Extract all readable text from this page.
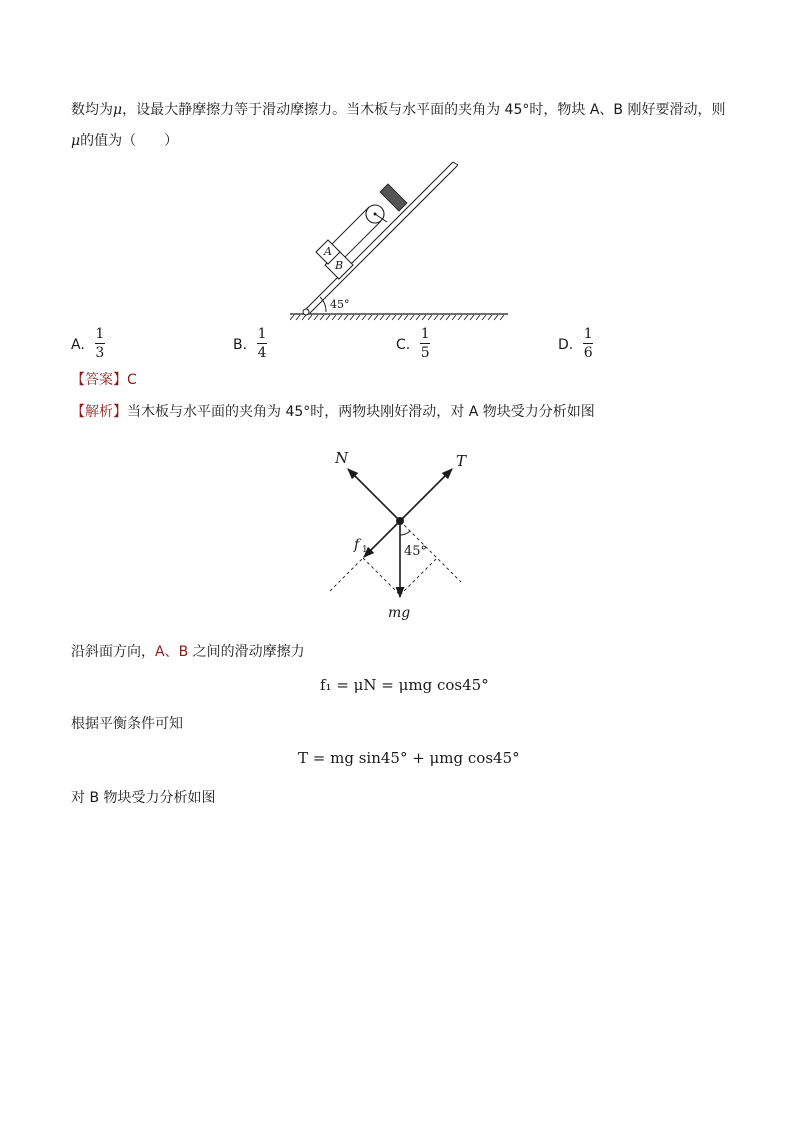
数均为μ，设最大静摩擦力等于滑动摩擦力。当木板与水平面的夹角为 45°时，物块 A、B 刚好要滑动，则
μ的值为（　　）
45°
A
B
A. $\frac{1}{3}$	B. $\frac{1}{4}$	C. $\frac{1}{5}$	D. $\frac{1}{6}$
【答案】C
【解析】当木板与水平面的夹角为 45°时，两物块刚好滑动，对 A 物块受力分析如图
N	T
f 1	45°
mg
沿斜面方向，A、B 之间的滑动摩擦力
f₁ = μN = μmg cos45°
根据平衡条件可知
T = mg sin45° + μmg cos45°
对 B 物块受力分析如图
